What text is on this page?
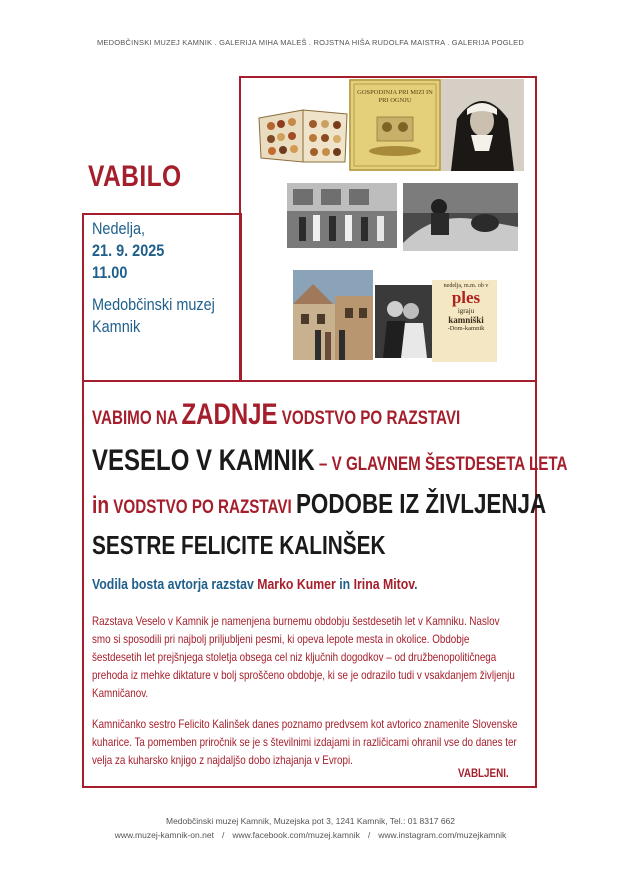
MEDOBČINSKI MUZEJ KAMNIK . GALERIJA MIHA MALEŠ . ROJSTNA HIŠA RUDOLFA MAISTRA . GALERIJA POGLED
VABILO
Nedelja,
21. 9. 2025
11.00
Medobčinski muzej
Kamnik
GOSPODINJA PRI MIZI IN PRI OGNJU
nedelja, m.m. ob v
ples
igraju
kamniški
-Dom-kamnik
VABIMO NA ZADNJE VODSTVO PO RAZSTAVI
VESELO V KAMNIK – V GLAVNEM ŠESTDESETA LETA
in VODSTVO PO RAZSTAVI PODOBE IZ ŽIVLJENJA
SESTRE FELICITE KALINŠEK
Vodila bosta avtorja razstav Marko Kumer in Irina Mitov.
Razstava Veselo v Kamnik je namenjena burnemu obdobju šestdesetih let v Kamniku. Naslov smo si sposodili pri najbolj priljubljeni pesmi, ki opeva lepote mesta in okolice. Obdobje šestdesetih let prejšnjega stoletja obsega cel niz ključnih dogodkov – od družbenopolitičnega prehoda iz mehke diktature v bolj sproščeno obdobje, ki se je odrazilo tudi v vsakdanjem življenju Kamničanov.
Kamničanko sestro Felicito Kalinšek danes poznamo predvsem kot avtorico znamenite Slovenske kuharice. Ta pomemben priročnik se je s številnimi izdajami in različicami ohranil vse do danes ter velja za kuharsko knjigo z najdaljšo dobo izhajanja v Evropi.
VABLJENI.
Medobčinski muzej Kamnik, Muzejska pot 3, 1241 Kamnik, Tel.: 01 8317 662
www.muzej-kamnik-on.net / www.facebook.com/muzej.kamnik / www.instagram.com/muzejkamnik
